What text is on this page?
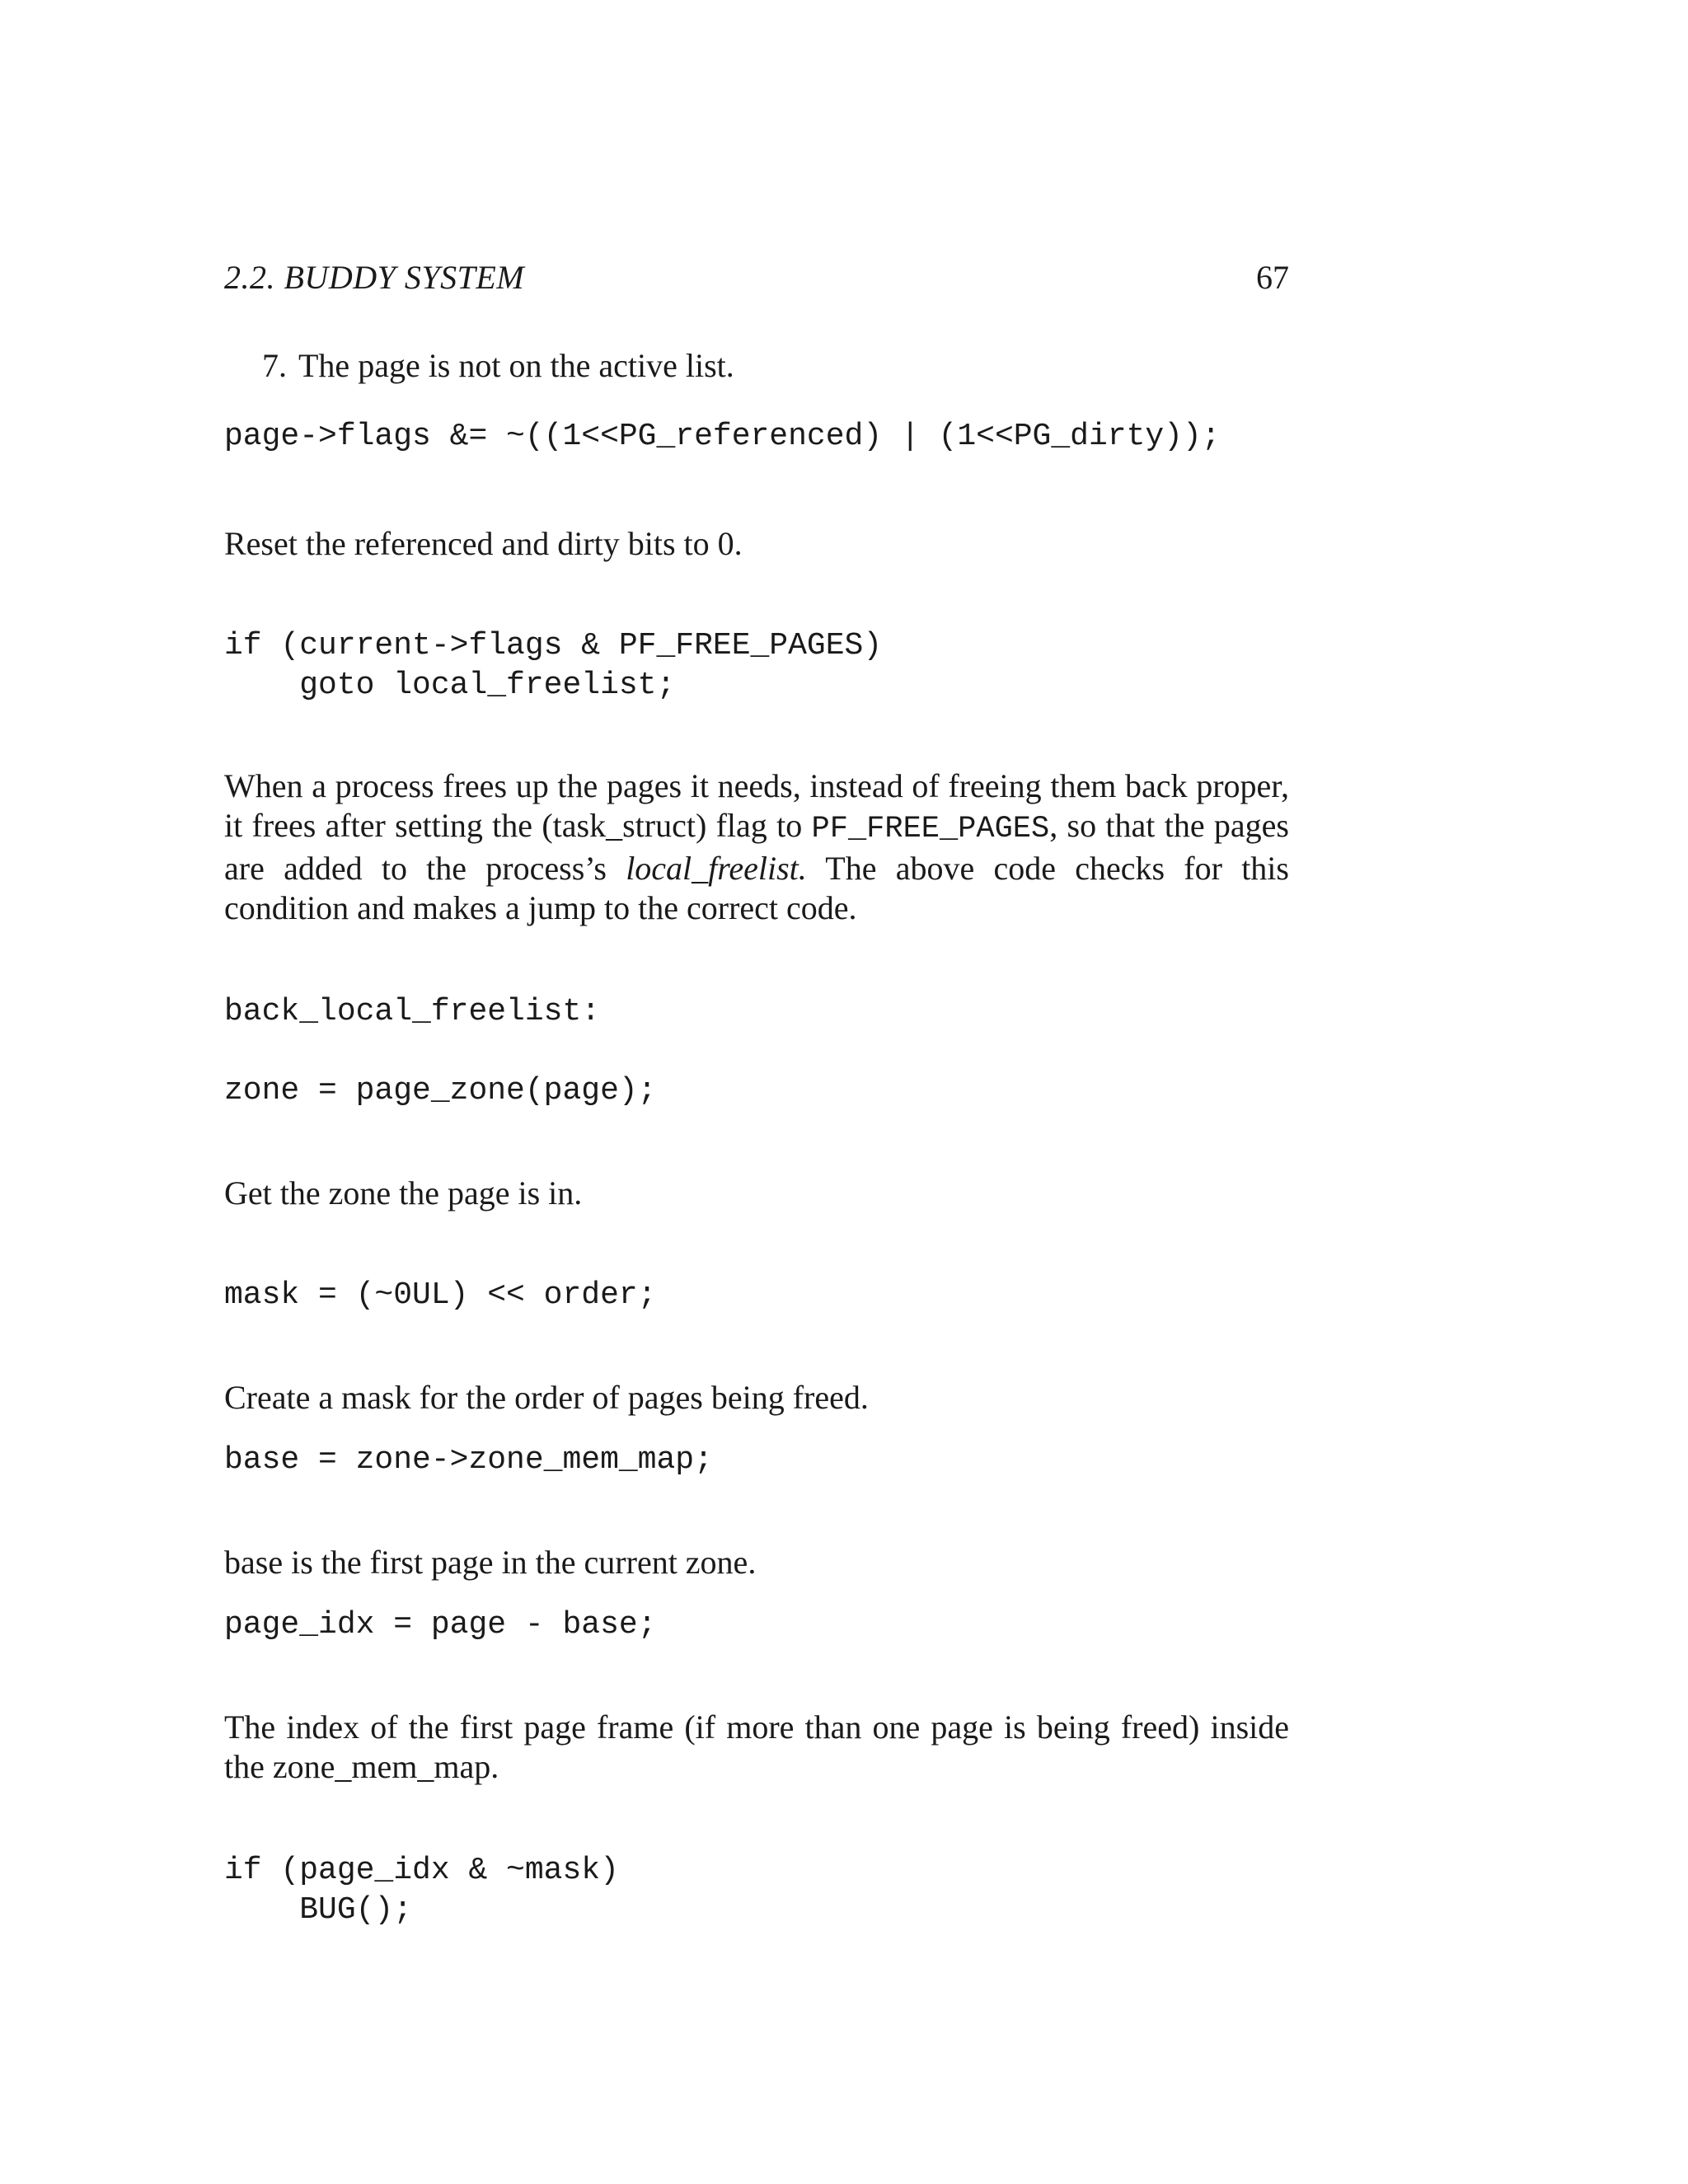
2.2. BUDDY SYSTEM	67
7. The page is not on the active list.
page->flags &= ~((1<<PG_referenced) | (1<<PG_dirty));

Reset the referenced and dirty bits to 0.

if (current->flags & PF_FREE_PAGES)
goto local_freelist;

When a process frees up the pages it needs, instead of freeing them back proper, it frees after setting the (task_struct) flag to PF_FREE_PAGES, so that the pages are added to the process’s local_freelist. The above code checks for this condition and makes a jump to the correct code.

back_local_freelist:
zone = page_zone(page);

Get the zone the page is in.

mask = (~0UL) << order;

Create a mask for the order of pages being freed.

base = zone->zone_mem_map;

base is the first page in the current zone.

page_idx = page - base;

The index of the first page frame (if more than one page is being freed) inside the zone_mem_map.

if (page_idx & ~mask)
BUG();
